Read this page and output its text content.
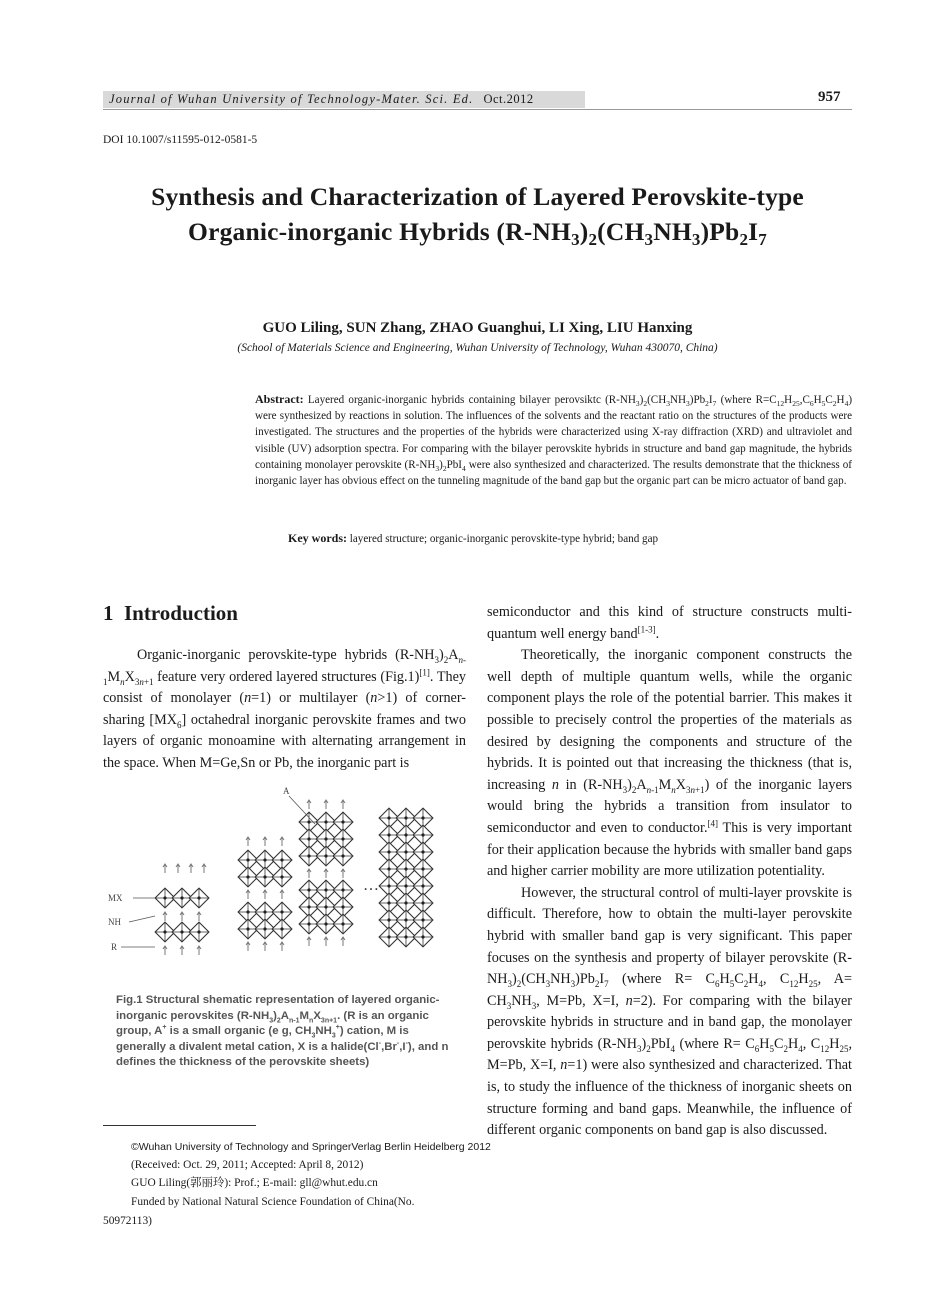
Journal of Wuhan University of Technology-Mater. Sci. Ed. Oct.2012	957
DOI 10.1007/s11595-012-0581-5
Synthesis and Characterization of Layered Perovskite-type
Organic-inorganic Hybrids $(R-NH_3)_2(CH_3NH_3)Pb_2I_7$
GUO Liling, SUN Zhang, ZHAO Guanghui, LI Xing, LIU Hanxing
(School of Materials Science and Engineering, Wuhan University of Technology, Wuhan 430070, China)
Abstract: Layered organic-inorganic hybrids containing bilayer perovsiktc $(R-NH_3)_2(CH_3NH_3)Pb_2I_7$ (where $R=C_{12}H_{25},C_6H_5C_2H_4$) were synthesized by reactions in solution. The influences of the solvents and the reactant ratio on the structures of the products were investigated. The structures and the properties of the hybrids were characterized using X-ray diffraction (XRD) and ultraviolet and visible (UV) adsorption spectra. For comparing with the bilayer perovskite hybrids in structure and band gap magnitude, the hybrids containing monolayer perovskite $(R-NH_3)_2PbI_4$ were also synthesized and characterized. The results demonstrate that the thickness of inorganic layer has obvious effect on the tunneling magnitude of the band gap but the organic part can be micro actuator of band gap.
Key words: layered structure; organic-inorganic perovskite-type hybrid; band gap
1 Introduction

Organic-inorganic perovskite-type hybrids $(R-NH_3)_2A_{n-1}M_nX_{3n+1}$ feature very ordered layered structures (Fig.1)[1]. They consist of monolayer (n=1) or multilayer (n>1) of corner-sharing $[MX_6]$ octahedral inorganic perovskite frames and two layers of organic monoamine with alternating arrangement in the space. When M=Ge,Sn or Pb, the inorganic part is

A
MX
NH
R
…
Fig.1 Structural shematic representation of layered organic-inorganic perovskites $(R-NH_3)_2A_{n-1}M_nX_{3n+1}$. (R is an organic group, A+ is a small organic (e g, $CH_3NH_3^+$) cation, M is generally a divalent metal cation, X is a halide(Cl-,Br-,I-), and n defines the thickness of the perovskite sheets)
©Wuhan University of Technology and SpringerVerlag Berlin Heidelberg 2012
(Received: Oct. 29, 2011; Accepted: April 8, 2012)
GUO Liling(郭丽玲): Prof.; E-mail: gll@whut.edu.cn
Funded by National Natural Science Foundation of China(No. 50972113)

semiconductor and this kind of structure constructs multi-quantum well energy band[1-3].

Theoretically, the inorganic component constructs the well depth of multiple quantum wells, while the organic component plays the role of the potential barrier. This makes it possible to precisely control the properties of the materials as desired by designing the components and structure of the hybrids. It is pointed out that increasing the thickness (that is, increasing n in $(R-NH_3)_2A_{n-1}M_nX_{3n+1}$) of the inorganic layers would bring the hybrids a transition from insulator to semiconductor and even to conductor.[4] This is very important for their application because the hybrids with smaller band gaps and higher carrier mobility are more utilization potentiality.

However, the structural control of multi-layer provskite is difficult. Therefore, how to obtain the multi-layer perovskite hybrid with smaller band gap is very significant. This paper focuses on the synthesis and property of bilayer perovskite $(R-NH_3)_2(CH_3NH_3)Pb_2I_7$ (where $R= C_6H_5C_2H_4$, $C_{12}H_{25}$, $A= CH_3NH_3$, M=Pb, X=I, n=2). For comparing with the bilayer perovskite hybrids in structure and in band gap, the monolayer perovskite hybrids $(R-NH_3)_2PbI_4$ (where $R= C_6H_5C_2H_4$, $C_{12}H_{25}$, M=Pb, X=I, n=1) were also synthesized and characterized. That is, to study the influence of the thickness of inorganic sheets on structure forming and band gaps. Meanwhile, the influence of different organic components on band gap is also discussed.
